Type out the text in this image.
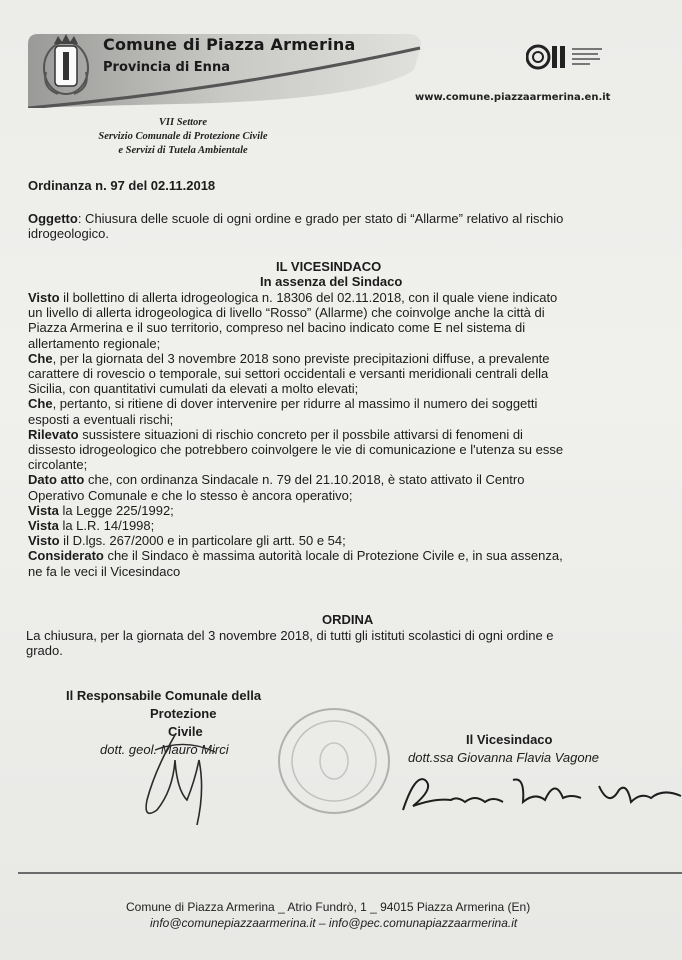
Comune di Piazza Armerina
Provincia di Enna
www.comune.piazzaarmerina.en.it
VII Settore
Servizio Comunale di Protezione Civile
e Servizi di Tutela Ambientale
Ordinanza n. 97 del 02.11.2018
Oggetto: Chiusura delle scuole di ogni ordine e grado per stato di “Allarme” relativo al rischio
idrogeologico.
IL VICESINDACO
In assenza del Sindaco
Visto il bollettino di allerta idrogeologica n. 18306 del 02.11.2018, con il quale viene indicato
un livello di allerta idrogeologica di livello “Rosso” (Allarme) che coinvolge anche la città di
Piazza Armerina e il suo territorio, compreso nel bacino indicato come E nel sistema di
allertamento regionale;
Che, per la giornata del 3 novembre 2018 sono previste precipitazioni diffuse, a prevalente
carattere di rovescio o temporale, sui settori occidentali e versanti meridionali centrali della
Sicilia, con quantitativi cumulati da elevati a molto elevati;
Che, pertanto, si ritiene di dover intervenire per ridurre al massimo il numero dei soggetti
esposti a eventuali rischi;
Rilevato sussistere situazioni di rischio concreto per il possbile attivarsi di fenomeni di
dissesto idrogeologico che potrebbero coinvolgere le vie di comunicazione e l'utenza su esse
circolante;
Dato atto che, con ordinanza Sindacale n. 79 del 21.10.2018, è stato attivato il Centro
Operativo Comunale e che lo stesso è ancora operativo;
Vista la Legge 225/1992;
Vista la L.R. 14/1998;
Visto il D.lgs. 267/2000 e in particolare gli artt. 50 e 54;
Considerato che il Sindaco è massima autorità locale di Protezione Civile e, in sua assenza,
ne fa le veci il Vicesindaco
ORDINA
La chiusura, per la giornata del 3 novembre 2018, di tutti gli istituti scolastici di ogni ordine e
grado.
Il Responsabile Comunale della
Protezione
Civile
dott. geol. Mauro Mirci
Il Vicesindaco
dott.ssa Giovanna Flavia Vagone
Comune di Piazza Armerina _ Atrio Fundrò, 1 _ 94015 Piazza Armerina (En)
info@comunepiazzaarmerina.it – info@pec.comunapiazzaarmerina.it
